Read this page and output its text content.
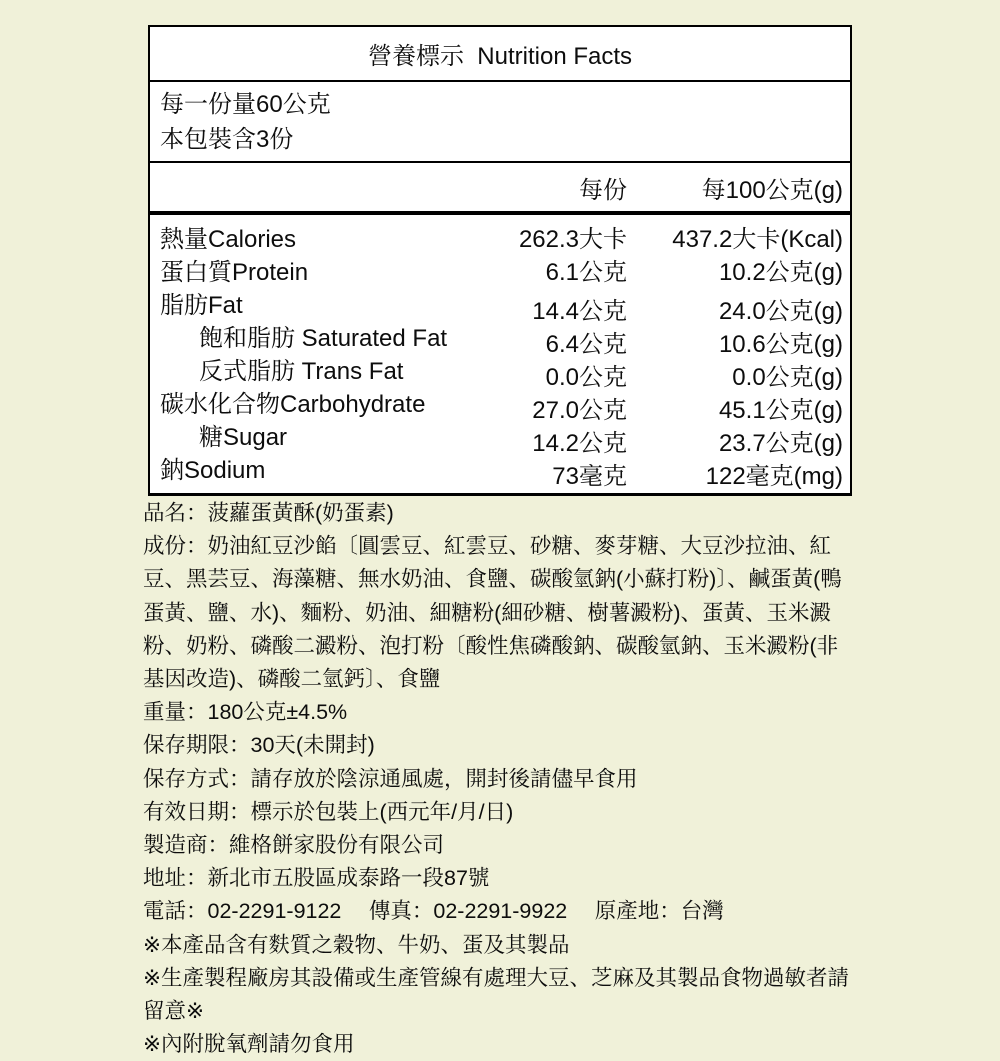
營養標示  Nutrition Facts
每一份量60公克
本包裝含3份
每份	每100公克(g)
熱量Calories	262.3大卡	437.2大卡(Kcal)
蛋白質Protein	6.1公克	10.2公克(g)
脂肪Fat	14.4公克	24.0公克(g)
飽和脂肪 Saturated Fat	6.4公克	10.6公克(g)
反式脂肪 Trans Fat	0.0公克	0.0公克(g)
碳水化合物Carbohydrate	27.0公克	45.1公克(g)
糖Sugar	14.2公克	23.7公克(g)
鈉Sodium	73毫克	122毫克(mg)
品名：菠蘿蛋黃酥(奶蛋素)
成份：奶油紅豆沙餡〔圓雲豆、紅雲豆、砂糖、麥芽糖、大豆沙拉油、紅豆、黑芸豆、海藻糖、無水奶油、食鹽、碳酸氫鈉(小蘇打粉)〕、鹹蛋黃(鴨蛋黃、鹽、水)、麵粉、奶油、細糖粉(細砂糖、樹薯澱粉)、蛋黃、玉米澱粉、奶粉、磷酸二澱粉、泡打粉〔酸性焦磷酸鈉、碳酸氫鈉、玉米澱粉(非基因改造)、磷酸二氫鈣〕、食鹽
重量：180公克±4.5%
保存期限：30天(未開封)
保存方式：請存放於陰涼通風處，開封後請儘早食用
有效日期：標示於包裝上(西元年/月/日)
製造商：維格餅家股份有限公司
地址：新北市五股區成泰路一段87號
電話：02-2291-9122　 傳真：02-2291-9922　 原產地：台灣
※本產品含有麩質之穀物、牛奶、蛋及其製品
※生產製程廠房其設備或生產管線有處理大豆、芝麻及其製品食物過敏者請留意※
※內附脫氧劑請勿食用
